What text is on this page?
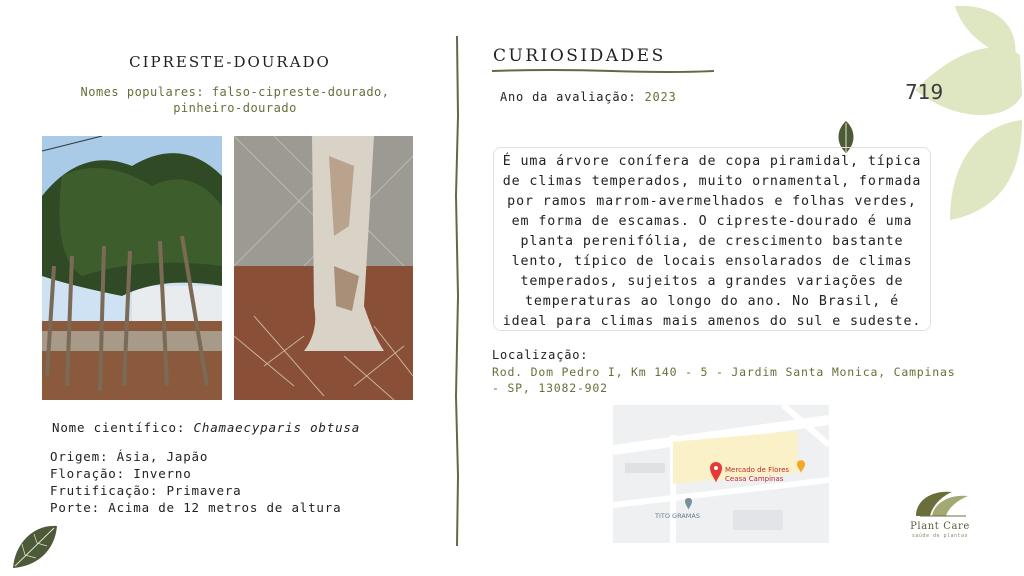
719
CIPRESTE-DOURADO
Nomes populares: falso-cipreste-dourado, pinheiro-dourado
Nome científico: Chamaecyparis obtusa
Origem: Ásia, Japão
Floração: Inverno
Frutificação: Primavera
Porte: Acima de 12 metros de altura
CURIOSIDADES
Ano da avaliação: 2023
É uma árvore conífera de copa piramidal, típica de climas temperados, muito ornamental, formada por ramos marrom-avermelhados e folhas verdes, em forma de escamas. O cipreste-dourado é uma planta perenifólia, de crescimento bastante lento, típico de locais ensolarados de climas temperados, sujeitos a grandes variações de temperaturas ao longo do ano. No Brasil, é ideal para climas mais amenos do sul e sudeste.
Localização:
Rod. Dom Pedro I, Km 140 - 5 - Jardim Santa Monica, Campinas - SP, 13082-902
Mercado de Flores
Ceasa Campinas
TITO GRAMAS
Plant Care
saúde de plantas
